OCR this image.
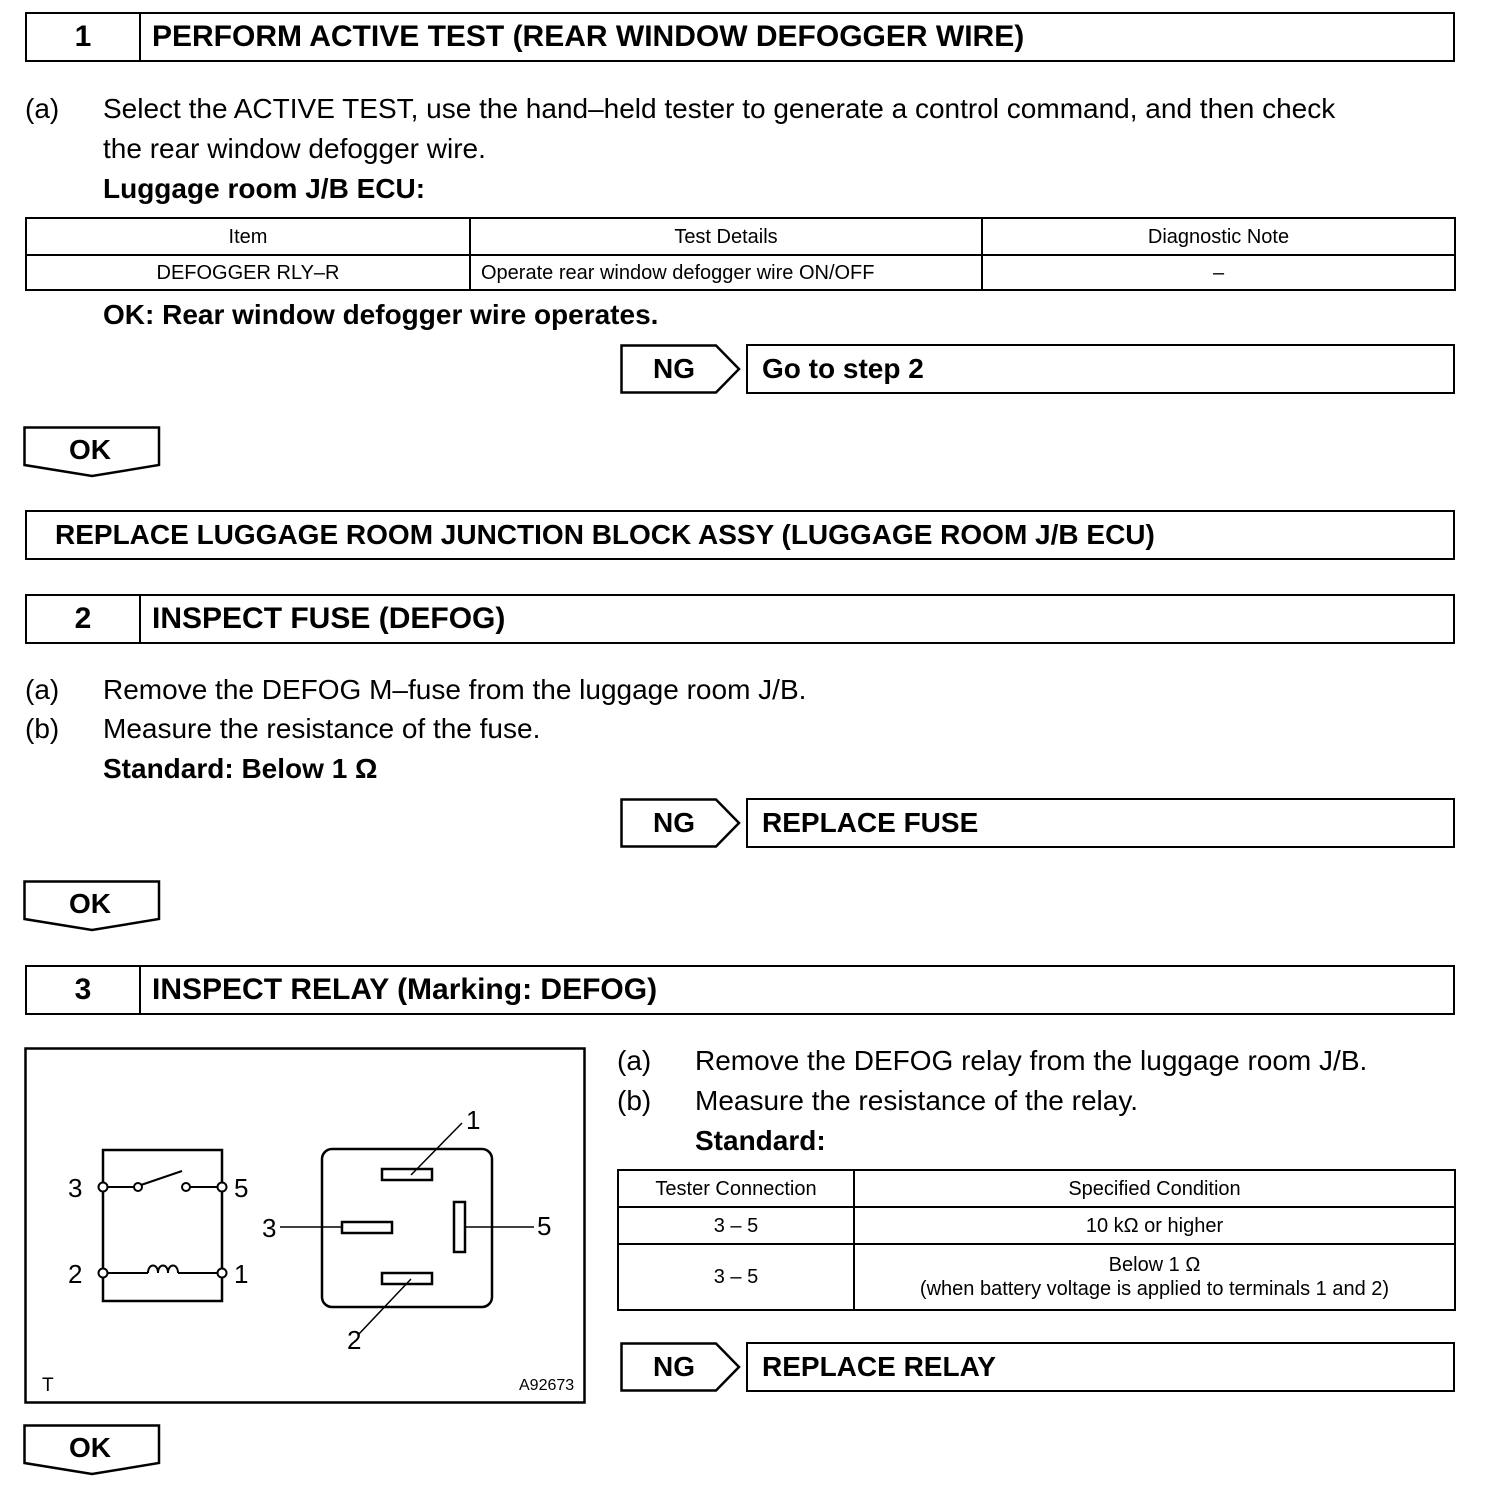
1	PERFORM ACTIVE TEST (REAR WINDOW DEFOGGER WIRE)
(a) Select the ACTIVE TEST, use the hand–held tester to generate a control command, and then check
the rear window defogger wire.
Luggage room J/B ECU:
Item	Test Details	Diagnostic Note
DEFOGGER RLY–R	Operate rear window defogger wire ON/OFF	–
OK: Rear window defogger wire operates.
NG	Go to step 2
OK
REPLACE LUGGAGE ROOM JUNCTION BLOCK ASSY (LUGGAGE ROOM J/B ECU)
2	INSPECT FUSE (DEFOG)
(a) Remove the DEFOG M–fuse from the luggage room J/B.
(b) Measure the resistance of the fuse.
Standard: Below 1 Ω
NG	REPLACE FUSE
OK
3	INSPECT RELAY (Marking: DEFOG)
3	5
2	1
1
3	5
2
T	A92673
(a) Remove the DEFOG relay from the luggage room J/B.
(b) Measure the resistance of the relay.
Standard:
Tester Connection	Specified Condition
3 – 5	10 kΩ or higher
3 – 5	Below 1 Ω
(when battery voltage is applied to terminals 1 and 2)
NG	REPLACE RELAY
OK
